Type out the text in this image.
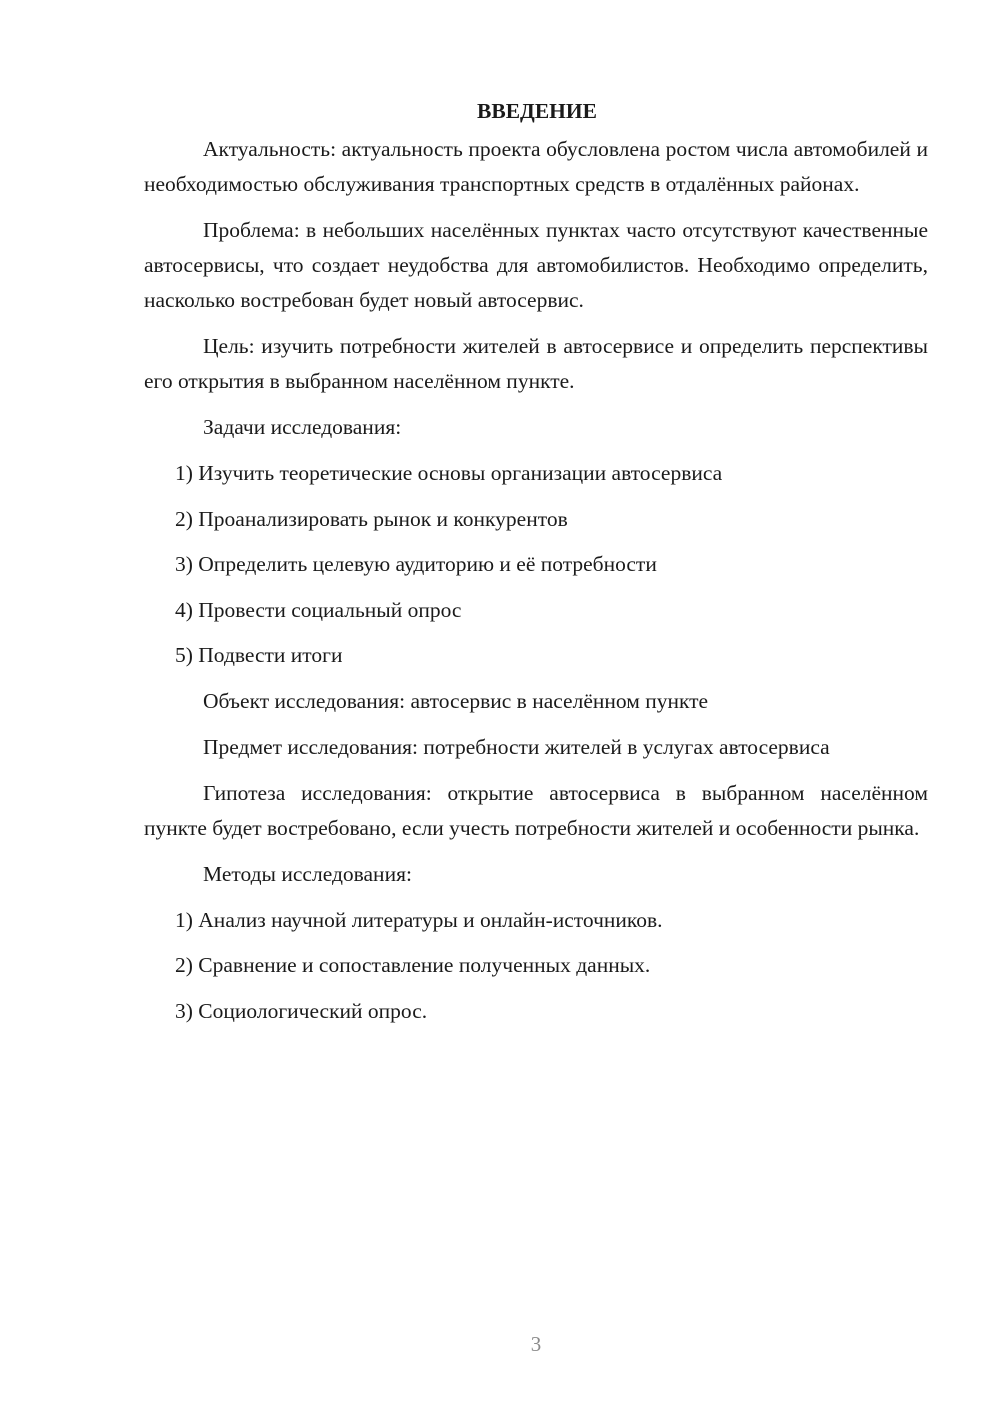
ВВЕДЕНИЕ

Актуальность: актуальность проекта обусловлена ростом числа автомобилей и необходимостью обслуживания транспортных средств в отдалённых районах.

Проблема: в небольших населённых пунктах часто отсутствуют качественные автосервисы, что создает неудобства для автомобилистов. Необходимо определить, насколько востребован будет новый автосервис.

Цель: изучить потребности жителей в автосервисе и определить перспективы его открытия в выбранном населённом пункте.

Задачи исследования:

1) Изучить теоретические основы организации автосервиса
2) Проанализировать рынок и конкурентов
3) Определить целевую аудиторию и её потребности
4) Провести социальный опрос
5) Подвести итоги

Объект исследования: автосервис в населённом пункте

Предмет исследования: потребности жителей в услугах автосервиса

Гипотеза исследования: открытие автосервиса в выбранном населённом пункте будет востребовано, если учесть потребности жителей и особенности рынка.

Методы исследования:

1) Анализ научной литературы и онлайн-источников.
2) Сравнение и сопоставление полученных данных.
3) Социологический опрос.
3
